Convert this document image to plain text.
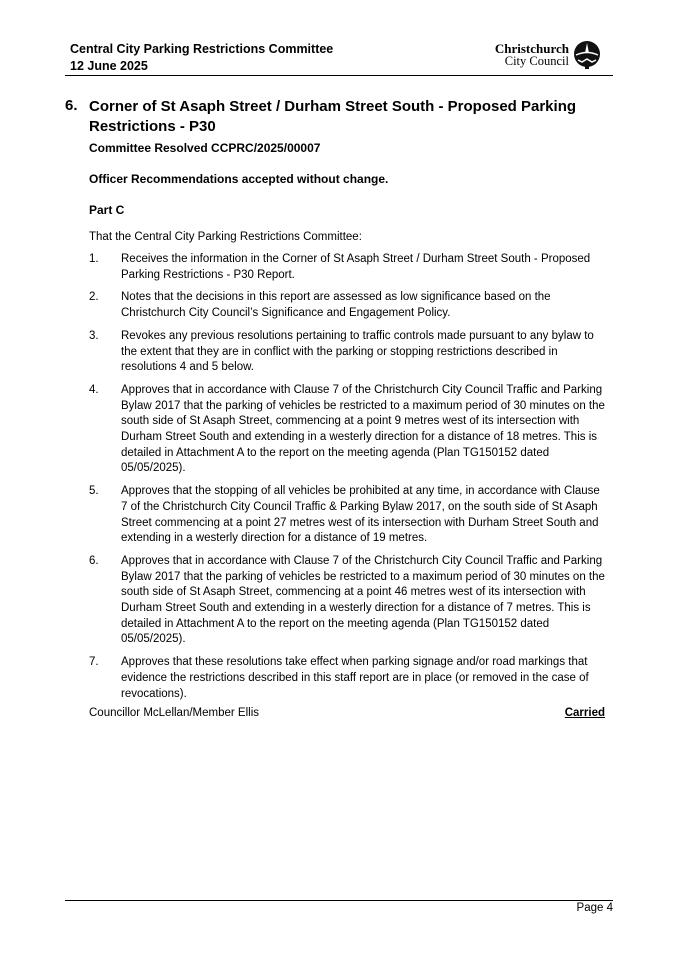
Central City Parking Restrictions Committee
12 June 2025
Christchurch
City Council
6. Corner of St Asaph Street / Durham Street South - Proposed Parking Restrictions - P30
Committee Resolved CCPRC/2025/00007
Officer Recommendations accepted without change.
Part C
That the Central City Parking Restrictions Committee:
1. Receives the information in the Corner of St Asaph Street / Durham Street South - Proposed Parking Restrictions - P30 Report.
2. Notes that the decisions in this report are assessed as low significance based on the Christchurch City Council’s Significance and Engagement Policy.
3. Revokes any previous resolutions pertaining to traffic controls made pursuant to any bylaw to the extent that they are in conflict with the parking or stopping restrictions described in resolutions 4 and 5 below.
4. Approves that in accordance with Clause 7 of the Christchurch City Council Traffic and Parking Bylaw 2017 that the parking of vehicles be restricted to a maximum period of 30 minutes on the south side of St Asaph Street, commencing at a point 9 metres west of its intersection with Durham Street South and extending in a westerly direction for a distance of 18 metres. This is detailed in Attachment A to the report on the meeting agenda (Plan TG150152 dated 05/05/2025).
5. Approves that the stopping of all vehicles be prohibited at any time, in accordance with Clause 7 of the Christchurch City Council Traffic & Parking Bylaw 2017, on the south side of St Asaph Street commencing at a point 27 metres west of its intersection with Durham Street South and extending in a westerly direction for a distance of 19 metres.
6. Approves that in accordance with Clause 7 of the Christchurch City Council Traffic and Parking Bylaw 2017 that the parking of vehicles be restricted to a maximum period of 30 minutes on the south side of St Asaph Street, commencing at a point 46 metres west of its intersection with Durham Street South and extending in a westerly direction for a distance of 7 metres. This is detailed in Attachment A to the report on the meeting agenda (Plan TG150152 dated 05/05/2025).
7. Approves that these resolutions take effect when parking signage and/or road markings that evidence the restrictions described in this staff report are in place (or removed in the case of revocations).
Councillor McLellan/Member Ellis	Carried
Page 4
